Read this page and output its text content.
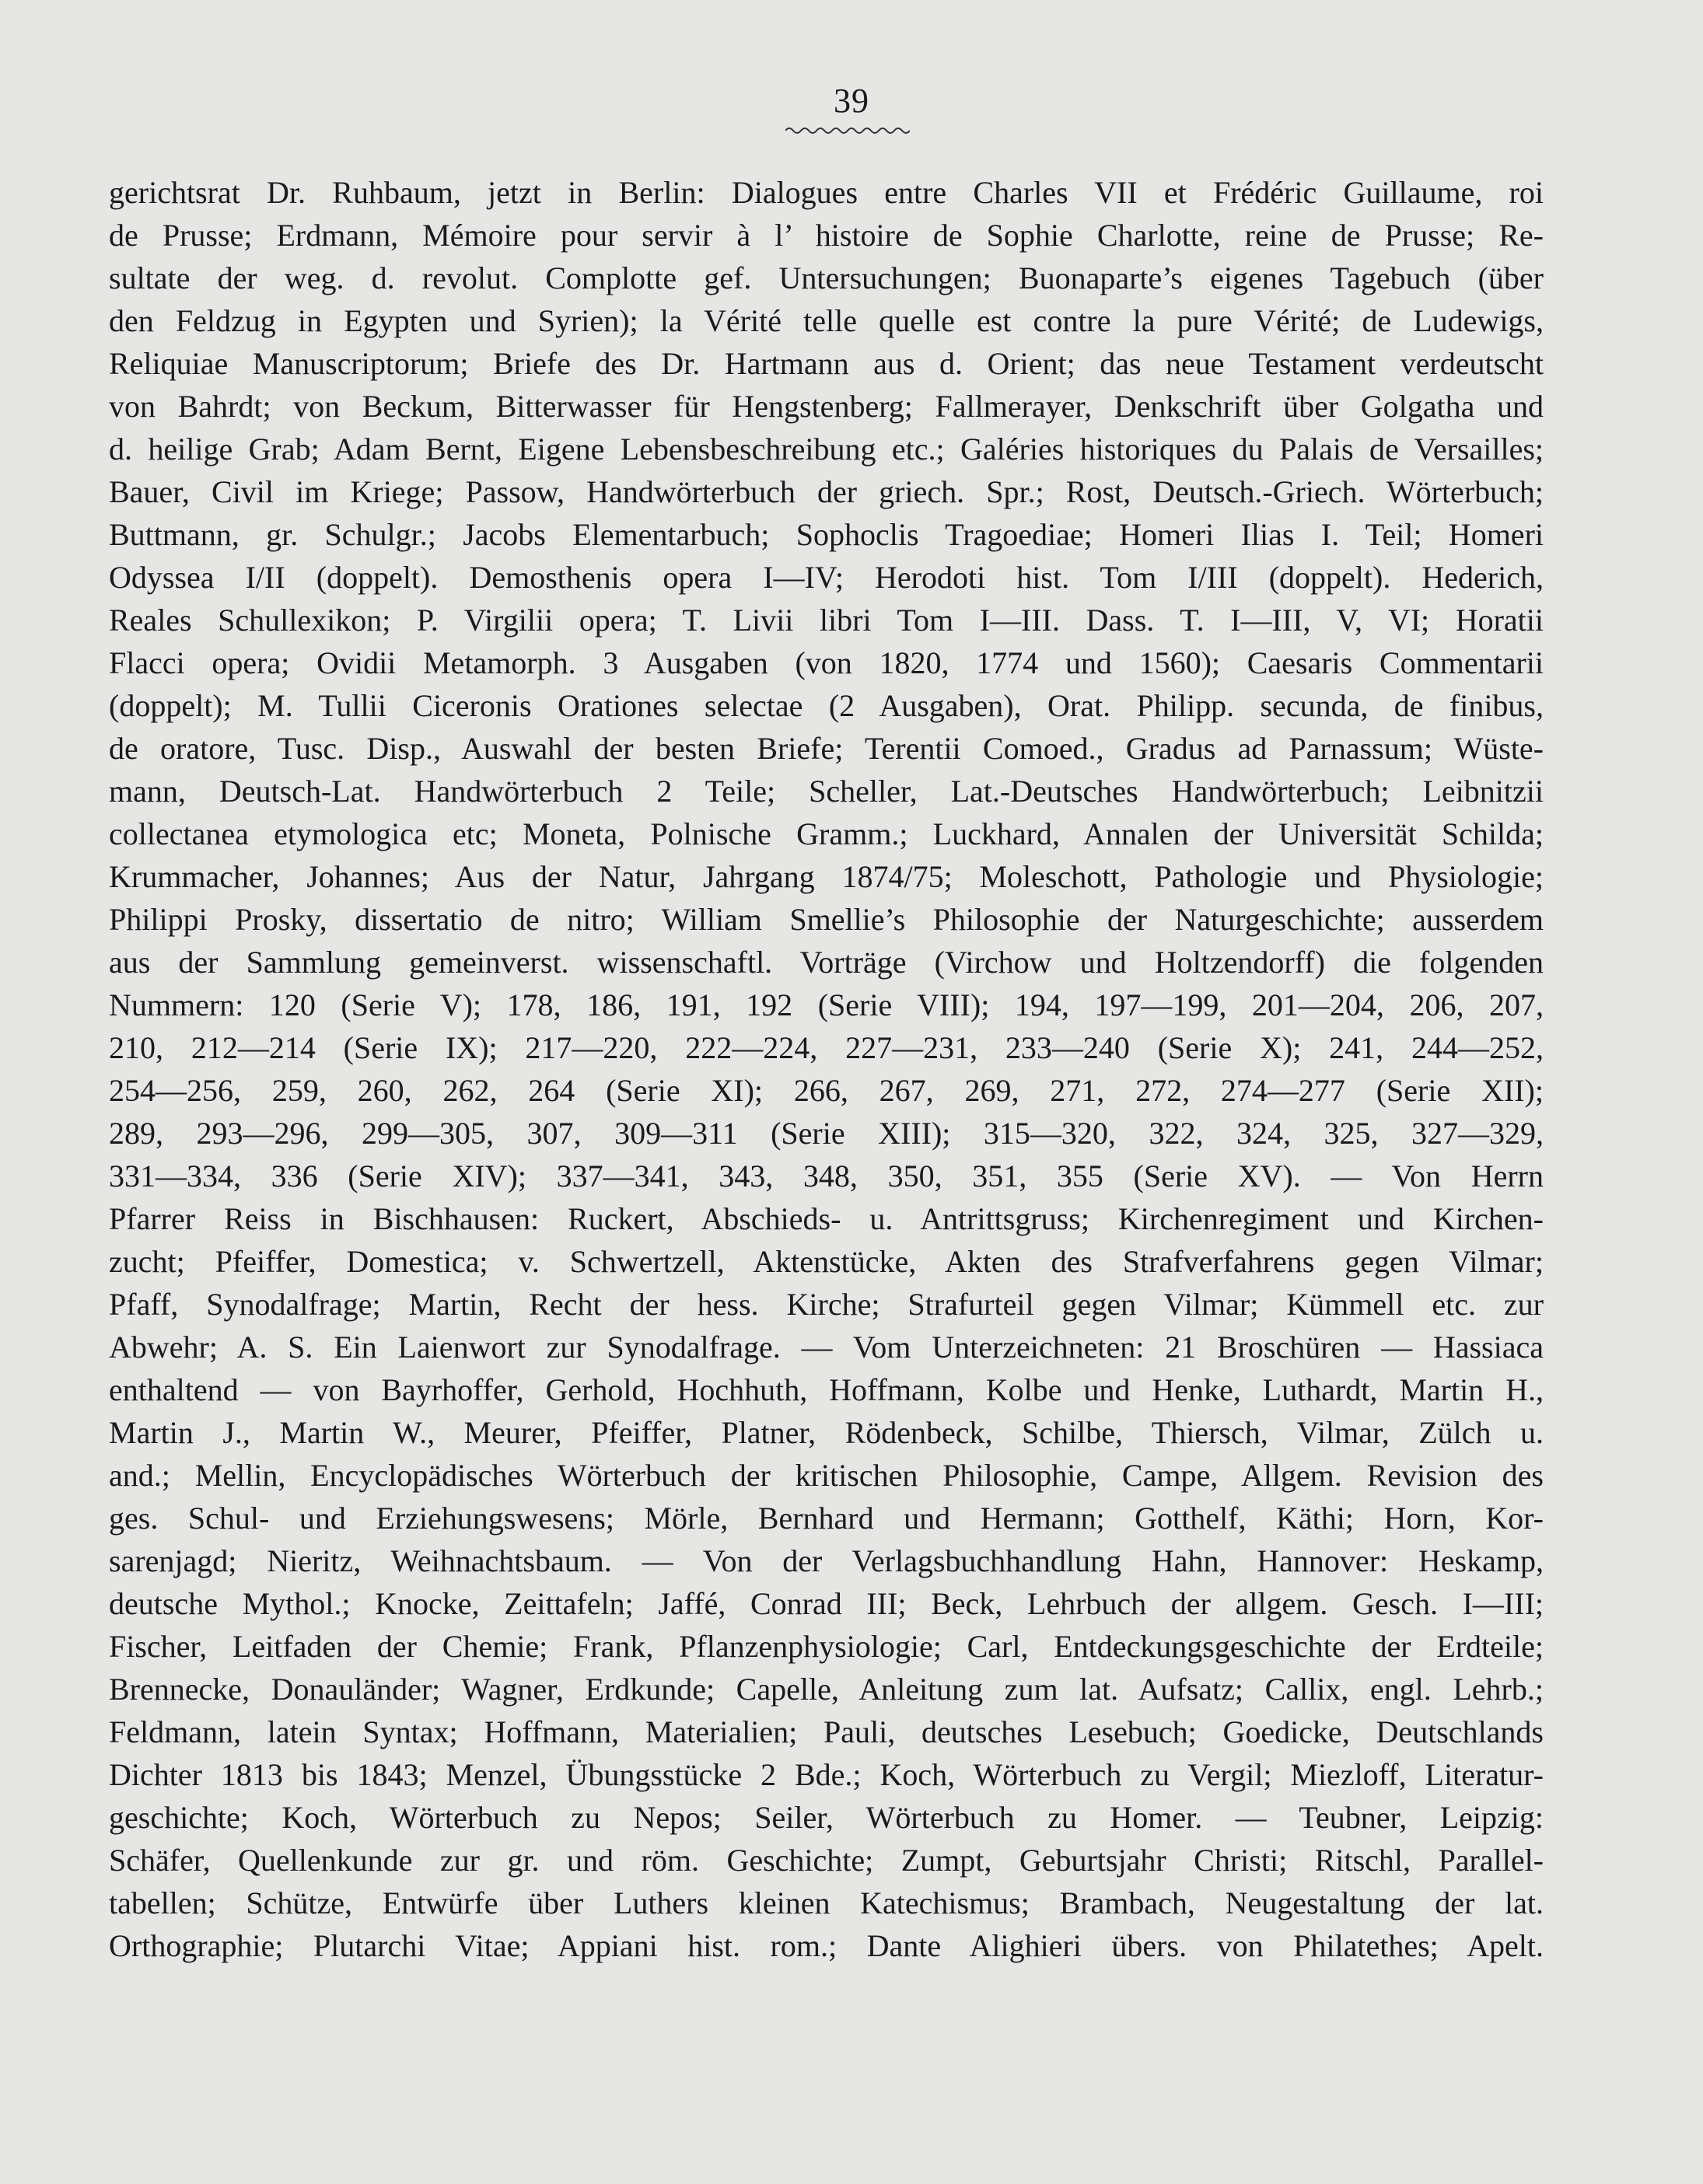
39
gerichtsrat Dr. Ruhbaum, jetzt in Berlin: Dialogues entre Charles VII et Frédéric Guillaume, roi
de Prusse; Erdmann, Mémoire pour servir à l’ histoire de Sophie Charlotte, reine de Prusse; Re-
sultate der weg. d. revolut. Complotte gef. Untersuchungen; Buonaparte’s eigenes Tagebuch (über
den Feldzug in Egypten und Syrien); la Vérité telle quelle est contre la pure Vérité; de Ludewigs,
Reliquiae Manuscriptorum; Briefe des Dr. Hartmann aus d. Orient; das neue Testament verdeutscht
von Bahrdt; von Beckum, Bitterwasser für Hengstenberg; Fallmerayer, Denkschrift über Golgatha und
d. heilige Grab; Adam Bernt, Eigene Lebensbeschreibung etc.; Galéries historiques du Palais de Versailles;
Bauer, Civil im Kriege; Passow, Handwörterbuch der griech. Spr.; Rost, Deutsch.-Griech. Wörterbuch;
Buttmann, gr. Schulgr.; Jacobs Elementarbuch; Sophoclis Tragoediae; Homeri Ilias I. Teil; Homeri
Odyssea I/II (doppelt). Demosthenis opera I—IV; Herodoti hist. Tom I/III (doppelt). Hederich,
Reales Schullexikon; P. Virgilii opera; T. Livii libri Tom I—III. Dass. T. I—III, V, VI; Horatii
Flacci opera; Ovidii Metamorph. 3 Ausgaben (von 1820, 1774 und 1560); Caesaris Commentarii
(doppelt); M. Tullii Ciceronis Orationes selectae (2 Ausgaben), Orat. Philipp. secunda, de finibus,
de oratore, Tusc. Disp., Auswahl der besten Briefe; Terentii Comoed., Gradus ad Parnassum; Wüste-
mann, Deutsch-Lat. Handwörterbuch 2 Teile; Scheller, Lat.-Deutsches Handwörterbuch; Leibnitzii
collectanea etymologica etc; Moneta, Polnische Gramm.; Luckhard, Annalen der Universität Schilda;
Krummacher, Johannes; Aus der Natur, Jahrgang 1874/75; Moleschott, Pathologie und Physiologie;
Philippi Prosky, dissertatio de nitro; William Smellie’s Philosophie der Naturgeschichte; ausserdem
aus der Sammlung gemeinverst. wissenschaftl. Vorträge (Virchow und Holtzendorff) die folgenden
Nummern: 120 (Serie V); 178, 186, 191, 192 (Serie VIII); 194, 197—199, 201—204, 206, 207,
210, 212—214 (Serie IX); 217—220, 222—224, 227—231, 233—240 (Serie X); 241, 244—252,
254—256, 259, 260, 262, 264 (Serie XI); 266, 267, 269, 271, 272, 274—277 (Serie XII);
289, 293—296, 299—305, 307, 309—311 (Serie XIII); 315—320, 322, 324, 325, 327—329,
331—334, 336 (Serie XIV); 337—341, 343, 348, 350, 351, 355 (Serie XV). — Von Herrn
Pfarrer Reiss in Bischhausen: Ruckert, Abschieds- u. Antrittsgruss; Kirchenregiment und Kirchen-
zucht; Pfeiffer, Domestica; v. Schwertzell, Aktenstücke, Akten des Strafverfahrens gegen Vilmar;
Pfaff, Synodalfrage; Martin, Recht der hess. Kirche; Strafurteil gegen Vilmar; Kümmell etc. zur
Abwehr; A. S. Ein Laienwort zur Synodalfrage. — Vom Unterzeichneten: 21 Broschüren — Hassiaca
enthaltend — von Bayrhoffer, Gerhold, Hochhuth, Hoffmann, Kolbe und Henke, Luthardt, Martin H.,
Martin J., Martin W., Meurer, Pfeiffer, Platner, Rödenbeck, Schilbe, Thiersch, Vilmar, Zülch u.
and.; Mellin, Encyclopädisches Wörterbuch der kritischen Philosophie, Campe, Allgem. Revision des
ges. Schul- und Erziehungswesens; Mörle, Bernhard und Hermann; Gotthelf, Käthi; Horn, Kor-
sarenjagd; Nieritz, Weihnachtsbaum. — Von der Verlagsbuchhandlung Hahn, Hannover: Heskamp,
deutsche Mythol.; Knocke, Zeittafeln; Jaffé, Conrad III; Beck, Lehrbuch der allgem. Gesch. I—III;
Fischer, Leitfaden der Chemie; Frank, Pflanzenphysiologie; Carl, Entdeckungsgeschichte der Erdteile;
Brennecke, Donauländer; Wagner, Erdkunde; Capelle, Anleitung zum lat. Aufsatz; Callix, engl. Lehrb.;
Feldmann, latein Syntax; Hoffmann, Materialien; Pauli, deutsches Lesebuch; Goedicke, Deutschlands
Dichter 1813 bis 1843; Menzel, Übungsstücke 2 Bde.; Koch, Wörterbuch zu Vergil; Miezloff, Literatur-
geschichte; Koch, Wörterbuch zu Nepos; Seiler, Wörterbuch zu Homer. — Teubner, Leipzig:
Schäfer, Quellenkunde zur gr. und röm. Geschichte; Zumpt, Geburtsjahr Christi; Ritschl, Parallel-
tabellen; Schütze, Entwürfe über Luthers kleinen Katechismus; Brambach, Neugestaltung der lat.
Orthographie; Plutarchi Vitae; Appiani hist. rom.; Dante Alighieri übers. von Philatethes; Apelt.
